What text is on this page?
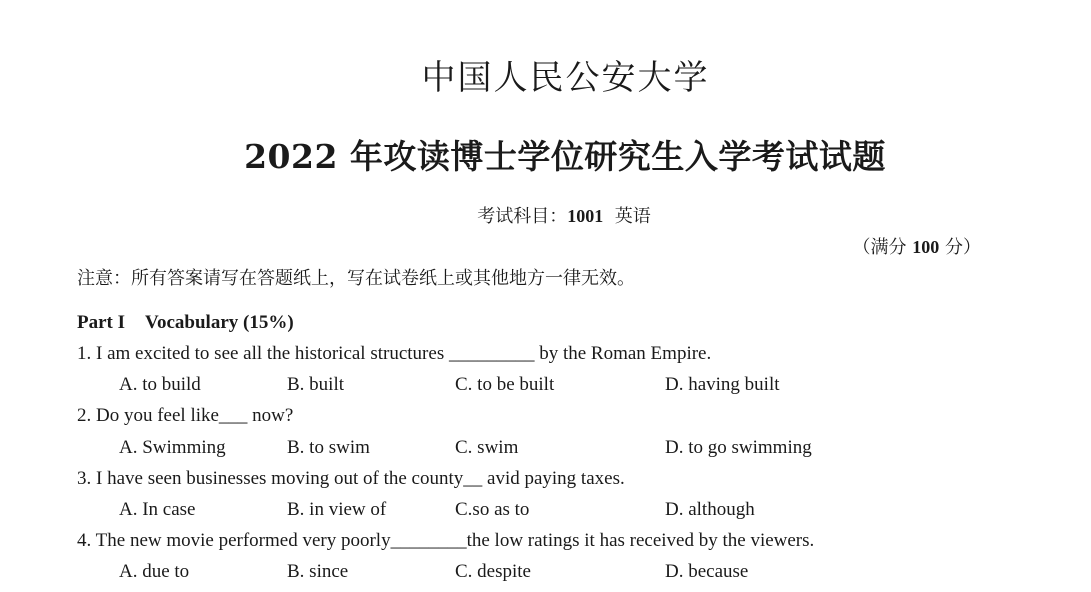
中国人民公安大学
2022 年攻读博士学位研究生入学考试试题
考试科目：1001 英语
（满分 100 分）
注意：所有答案请写在答题纸上，写在试卷纸上或其他地方一律无效。
Part I Vocabulary (15%)
1. I am excited to see all the historical structures _________ by the Roman Empire.
A. to build	B. built	C. to be built	D. having built
2. Do you feel like___ now?
A. Swimming	B. to swim	C. swim	D. to go swimming
3. I have seen businesses moving out of the county__ avid paying taxes.
A. In case	B. in view of	C.so as to	D. although
4. The new movie performed very poorly________the low ratings it has received by the viewers.
A. due to	B. since	C. despite	D. because
